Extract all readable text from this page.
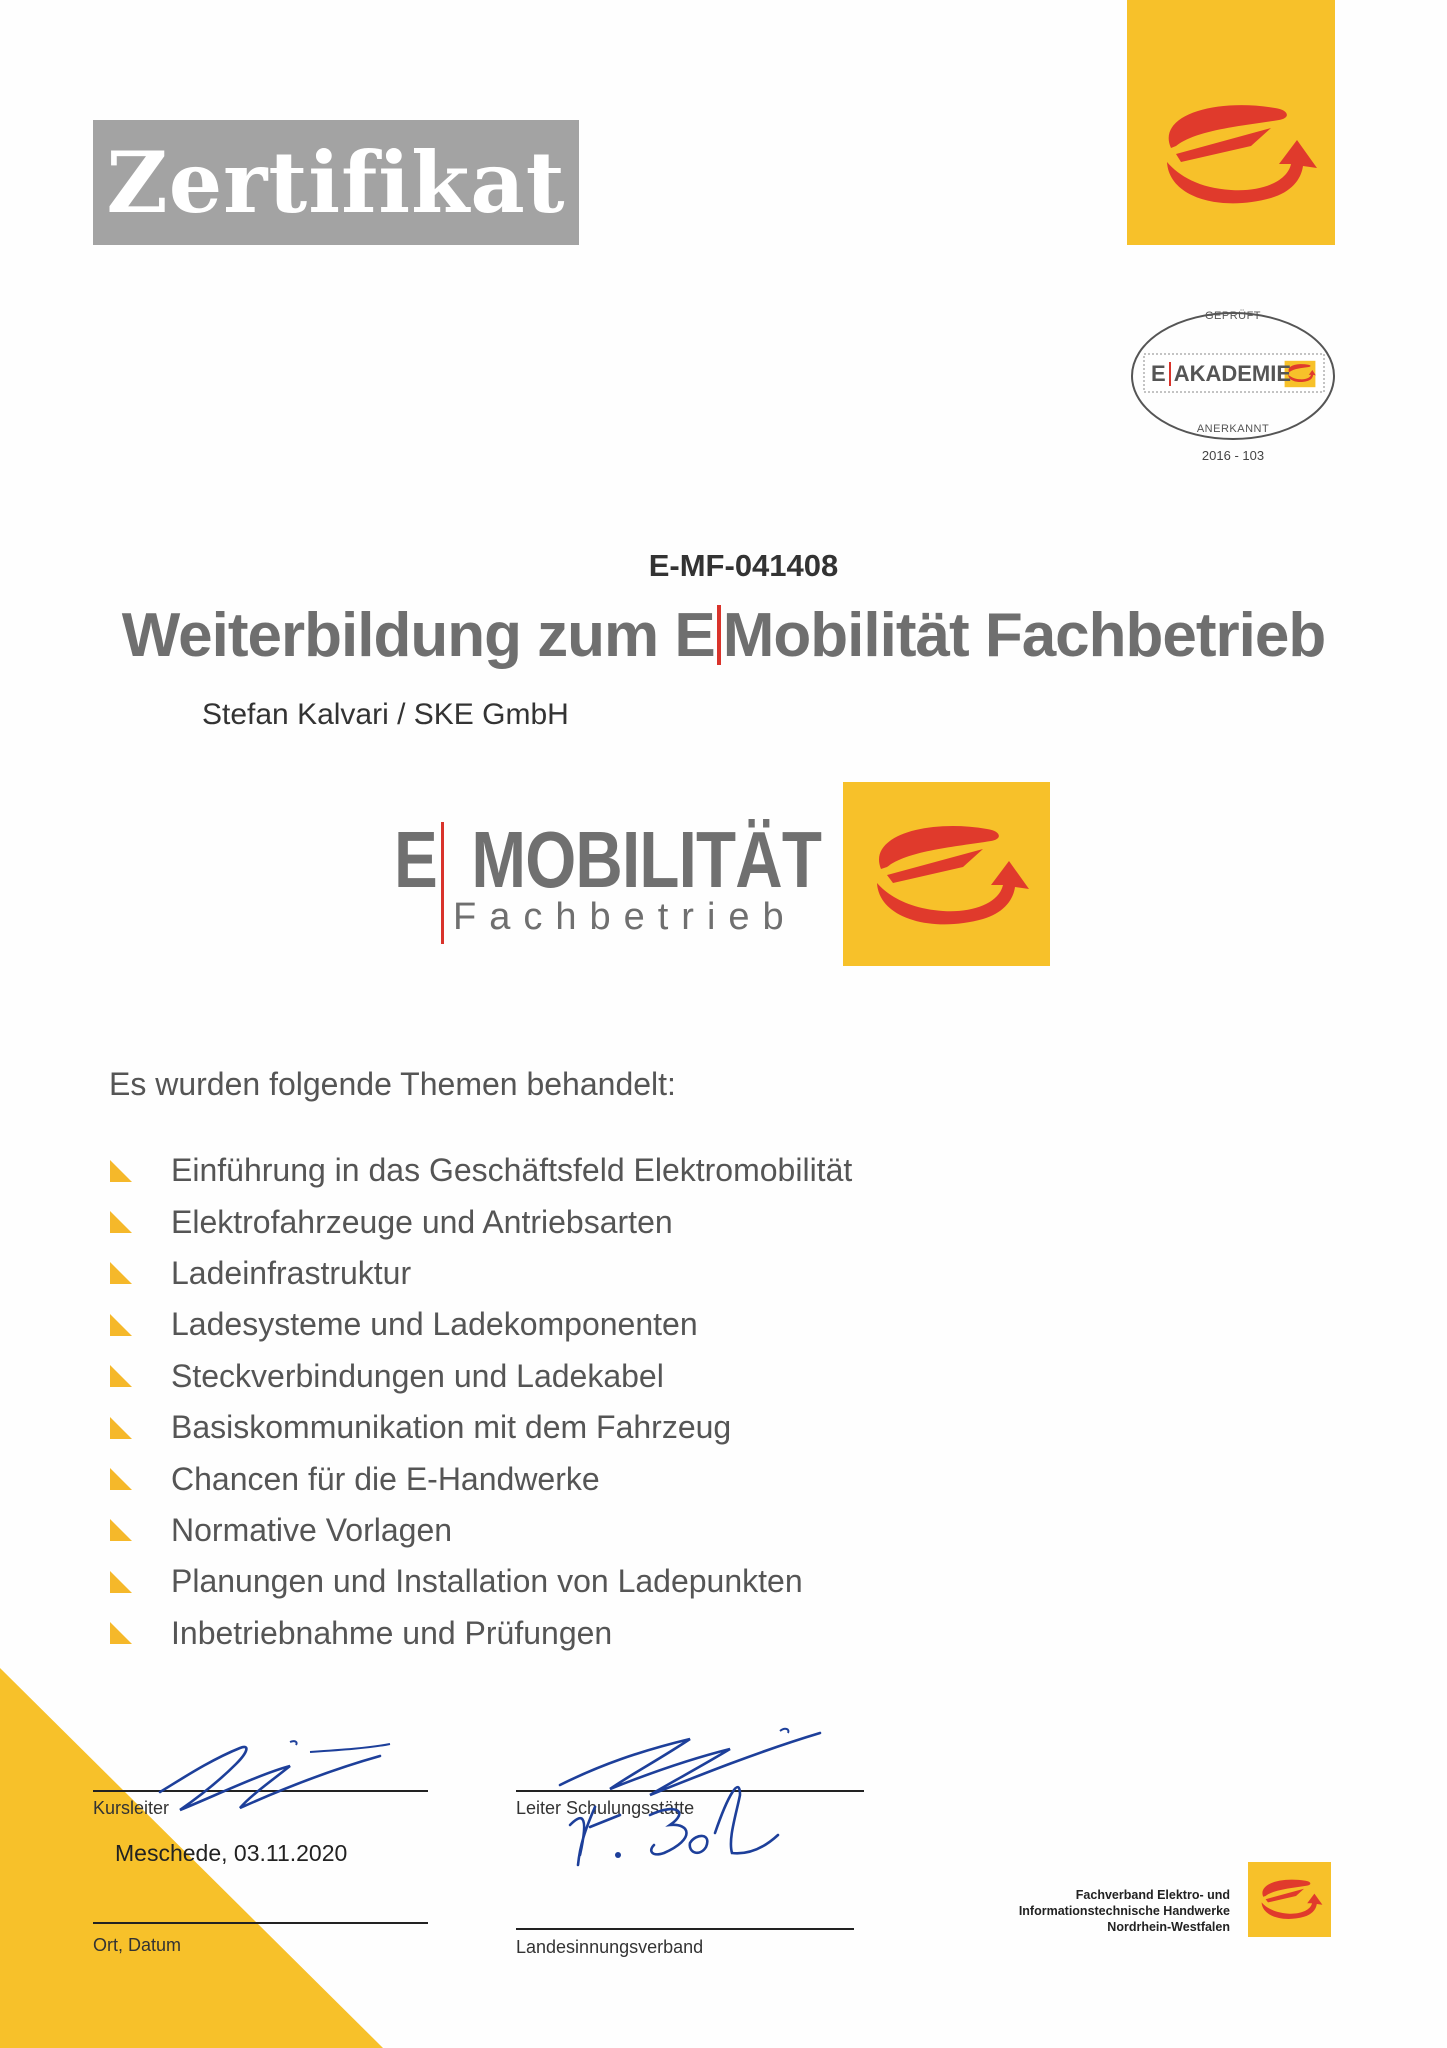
Zertifikat
GEPRÜFT
E AKADEMIE
ANERKANNT
2016 - 103
E-MF-041408
Weiterbildung zum E Mobilität Fachbetrieb
Stefan Kalvari / SKE GmbH
E MOBILITÄT
Fachbetrieb
Es wurden folgende Themen behandelt:
Einführung in das Geschäftsfeld Elektromobilität
Elektrofahrzeuge und Antriebsarten
Ladeinfrastruktur
Ladesysteme und Ladekomponenten
Steckverbindungen und Ladekabel
Basiskommunikation mit dem Fahrzeug
Chancen für die E-Handwerke
Normative Vorlagen
Planungen und Installation von Ladepunkten
Inbetriebnahme und Prüfungen
Kursleiter	Leiter Schulungsstätte
Meschede, 03.11.2020
Ort, Datum	Landesinnungsverband
Fachverband Elektro- und
Informationstechnische Handwerke
Nordrhein-Westfalen
